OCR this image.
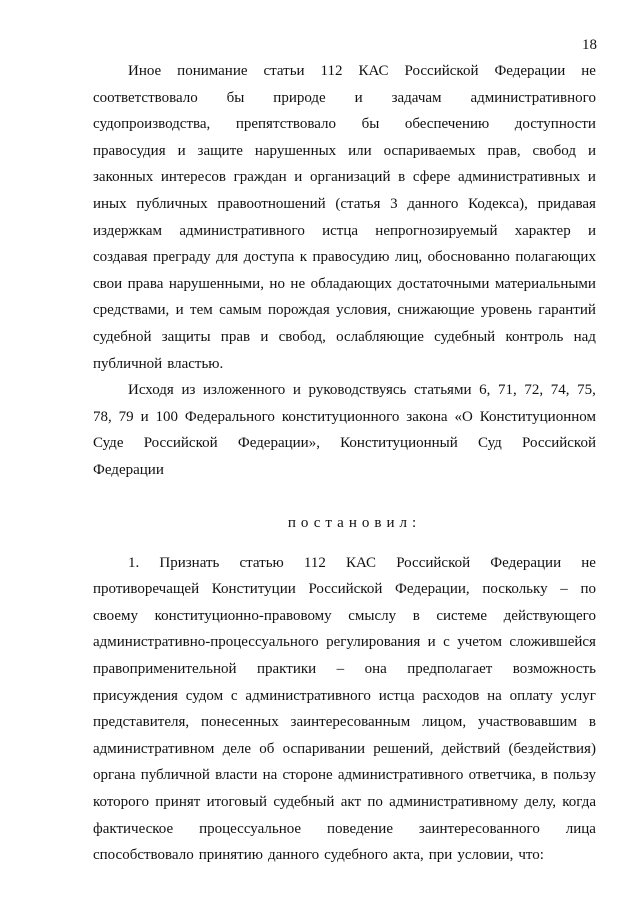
18
Иное понимание статьи 112 КАС Российской Федерации не
соответствовало бы природе и задачам административного
судопроизводства, препятствовало бы обеспечению доступности
правосудия и защите нарушенных или оспариваемых прав, свобод и
законных интересов граждан и организаций в сфере административных и
иных публичных правоотношений (статья 3 данного Кодекса), придавая
издержкам административного истца непрогнозируемый характер и
создавая преграду для доступа к правосудию лиц, обоснованно полагающих
свои права нарушенными, но не обладающих достаточными материальными
средствами, и тем самым порождая условия, снижающие уровень гарантий
судебной защиты прав и свобод, ослабляющие судебный контроль над
публичной властью.
Исходя из изложенного и руководствуясь статьями 6, 71, 72, 74, 75,
78, 79 и 100 Федерального конституционного закона «О Конституционном
Суде Российской Федерации», Конституционный Суд Российской
Федерации
постановил:
1. Признать статью 112 КАС Российской Федерации не
противоречащей Конституции Российской Федерации, поскольку – по
своему конституционно-правовому смыслу в системе действующего
административно-процессуального регулирования и с учетом сложившейся
правоприменительной практики – она предполагает возможность
присуждения судом с административного истца расходов на оплату услуг
представителя, понесенных заинтересованным лицом, участвовавшим в
административном деле об оспаривании решений, действий (бездействия)
органа публичной власти на стороне административного ответчика, в пользу
которого принят итоговый судебный акт по административному делу, когда
фактическое процессуальное поведение заинтересованного лица
способствовало принятию данного судебного акта, при условии, что:
